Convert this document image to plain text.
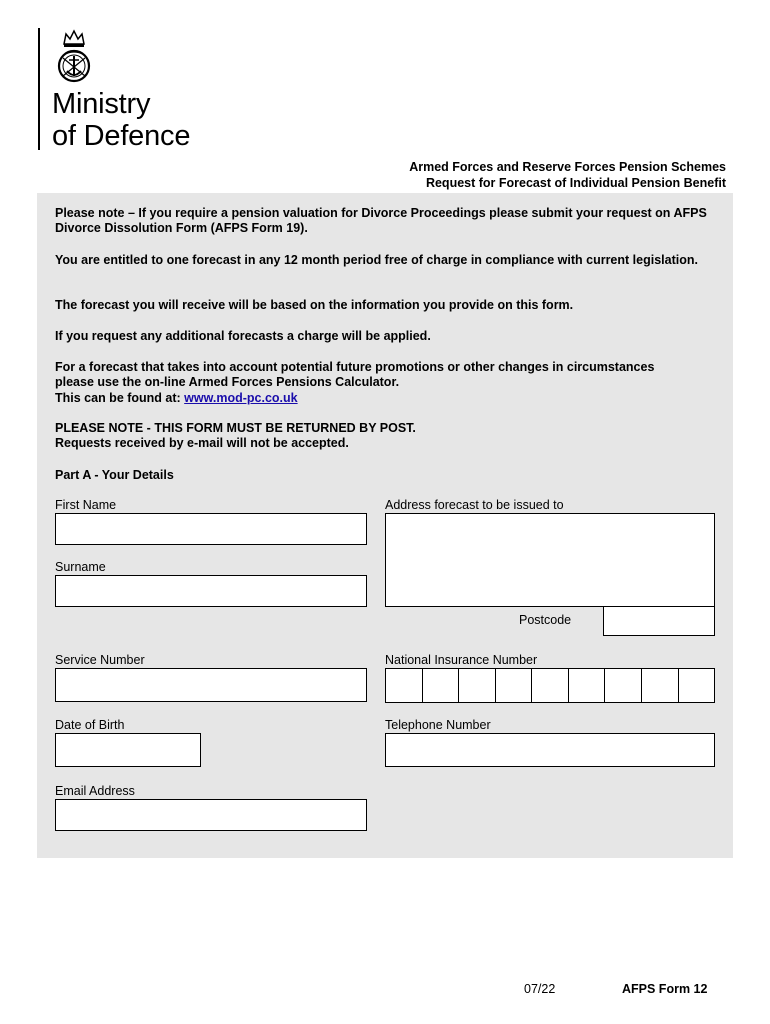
Ministry
of Defence
Armed Forces and Reserve Forces Pension Schemes
Request for Forecast of Individual Pension Benefit
Please note – If you require a pension valuation for Divorce Proceedings please submit your request on AFPS Divorce Dissolution Form (AFPS Form 19).
You are entitled to one forecast in any 12 month period free of charge in compliance with current legislation.
The forecast you will receive will be based on the information you provide on this form.
If you request any additional forecasts a charge will be applied.
For a forecast that takes into account potential future promotions or other changes in circumstances please use the on-line Armed Forces Pensions Calculator.
This can be found at: www.mod-pc.co.uk
PLEASE NOTE - THIS FORM MUST BE RETURNED BY POST.
Requests received by e-mail will not be accepted.
Part A - Your Details
First Name
Surname
Service Number
Date of Birth
Email Address
Address forecast to be issued to
Postcode
National Insurance Number
Telephone Number
07/22	AFPS Form 12
